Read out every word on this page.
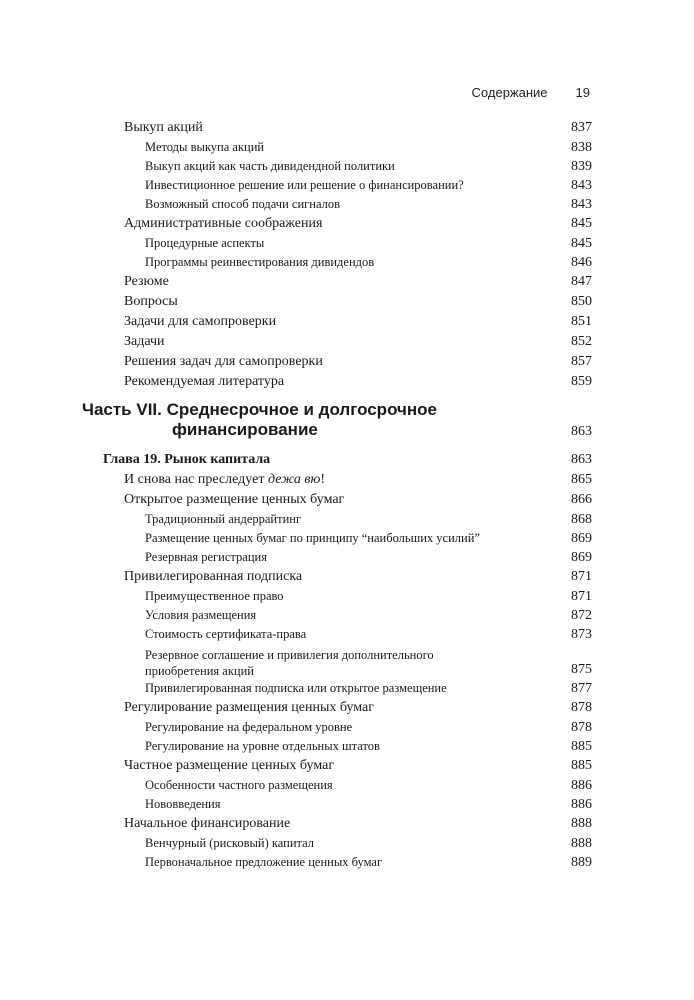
Содержание 19
Выкуп акций	837
Методы выкупа акций	838
Выкуп акций как часть дивидендной политики	839
Инвестиционное решение или решение о финансировании?	843
Возможный способ подачи сигналов	843
Административные соображения	845
Процедурные аспекты	845
Программы реинвестирования дивидендов	846
Резюме	847
Вопросы	850
Задачи для самопроверки	851
Задачи	852
Решения задач для самопроверки	857
Рекомендуемая литература	859
Часть VII. Среднесрочное и долгосрочное
финансирование	863
Глава 19. Рынок капитала	863
И снова нас преследует дежа вю!	865
Открытое размещение ценных бумаг	866
Традиционный андеррайтинг	868
Размещение ценных бумаг по принципу “наибольших усилий”	869
Резервная регистрация	869
Привилегированная подписка	871
Преимущественное право	871
Условия размещения	872
Стоимость сертификата-права	873
Резервное соглашение и привилегия дополнительного
приобретения акций	875
Привилегированная подписка или открытое размещение	877
Регулирование размещения ценных бумаг	878
Регулирование на федеральном уровне	878
Регулирование на уровне отдельных штатов	885
Частное размещение ценных бумаг	885
Особенности частного размещения	886
Нововведения	886
Начальное финансирование	888
Венчурный (рисковый) капитал	888
Первоначальное предложение ценных бумаг	889
